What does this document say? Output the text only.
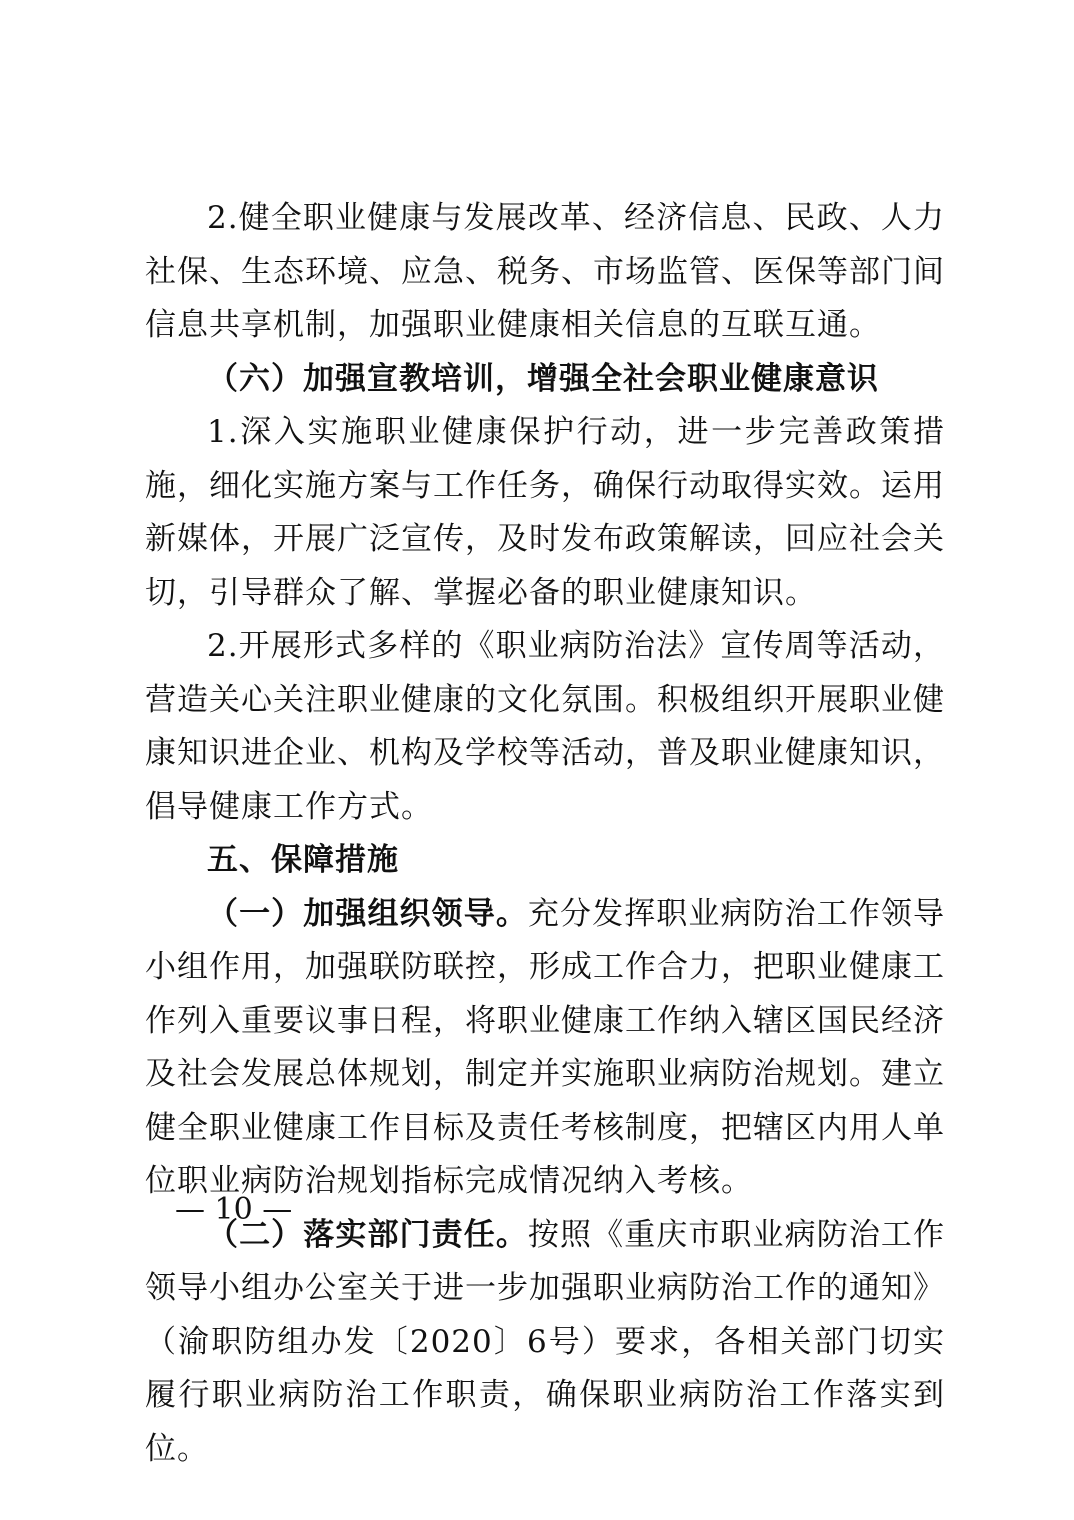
2.健全职业健康与发展改革、经济信息、民政、人力社保、生态环境、应急、税务、市场监管、医保等部门间信息共享机制，加强职业健康相关信息的互联互通。

（六）加强宣教培训，增强全社会职业健康意识

1.深入实施职业健康保护行动，进一步完善政策措施，细化实施方案与工作任务，确保行动取得实效。运用新媒体，开展广泛宣传，及时发布政策解读，回应社会关切，引导群众了解、掌握必备的职业健康知识。

2.开展形式多样的《职业病防治法》宣传周等活动，营造关心关注职业健康的文化氛围。积极组织开展职业健康知识进企业、机构及学校等活动，普及职业健康知识，倡导健康工作方式。

五、保障措施

（一）加强组织领导。充分发挥职业病防治工作领导小组作用，加强联防联控，形成工作合力，把职业健康工作列入重要议事日程，将职业健康工作纳入辖区国民经济及社会发展总体规划，制定并实施职业病防治规划。建立健全职业健康工作目标及责任考核制度，把辖区内用人单位职业病防治规划指标完成情况纳入考核。

（二）落实部门责任。按照《重庆市职业病防治工作领导小组办公室关于进一步加强职业病防治工作的通知》（渝职防组办发〔2020〕6号）要求，各相关部门切实履行职业病防治工作职责，确保职业病防治工作落实到位。

— 10 —
